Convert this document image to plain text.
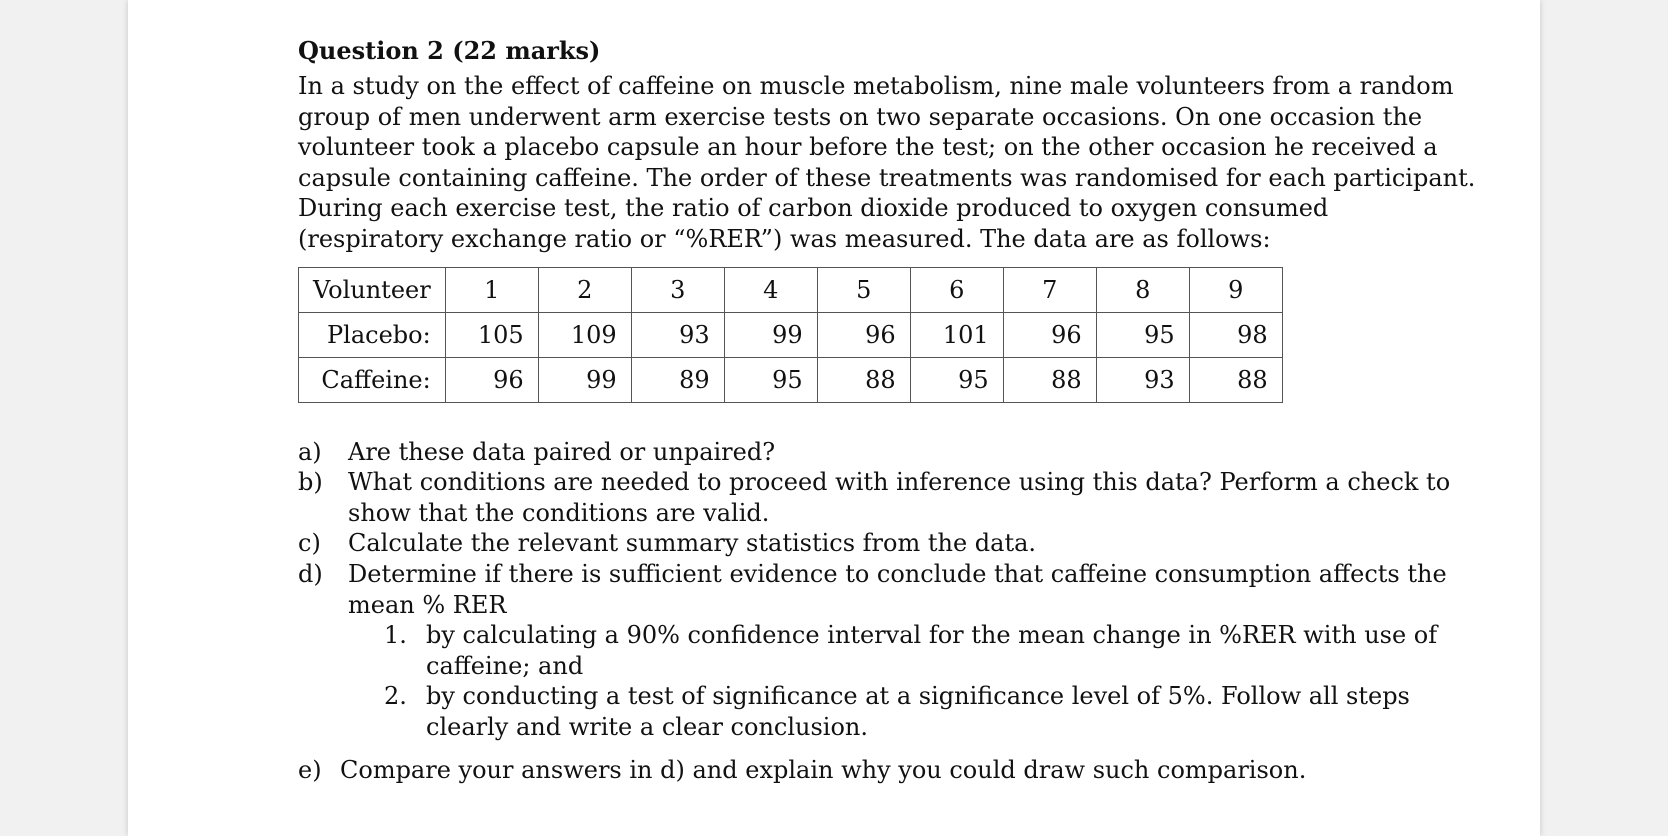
Question 2 (22 marks)
In a study on the effect of caffeine on muscle metabolism, nine male volunteers from a random
group of men underwent arm exercise tests on two separate occasions. On one occasion the
volunteer took a placebo capsule an hour before the test; on the other occasion he received a
capsule containing caffeine. The order of these treatments was randomised for each participant.
During each exercise test, the ratio of carbon dioxide produced to oxygen consumed
(respiratory exchange ratio or “%RER”) was measured. The data are as follows:
Volunteer	1	2	3	4	5	6	7	8	9
Placebo:	105	109	93	99	96	101	96	95	98
Caffeine:	96	99	89	95	88	95	88	93	88
a)	Are these data paired or unpaired?
b)	What conditions are needed to proceed with inference using this data? Perform a check to
show that the conditions are valid.
c)	Calculate the relevant summary statistics from the data.
d)	Determine if there is sufficient evidence to conclude that caffeine consumption affects the
mean % RER
1. by calculating a 90% confidence interval for the mean change in %RER with use of
caffeine; and
2. by conducting a test of significance at a significance level of 5%. Follow all steps
clearly and write a clear conclusion.
e) Compare your answers in d) and explain why you could draw such comparison.
